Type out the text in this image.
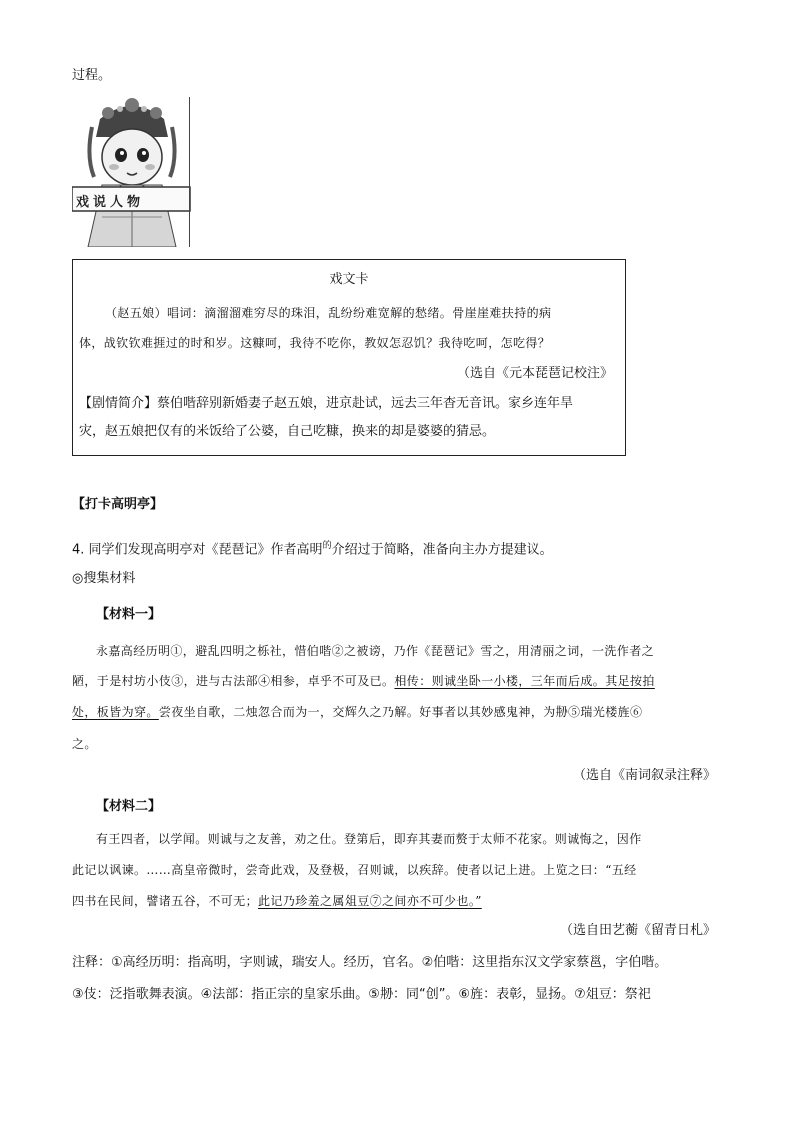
过程。
戏说人物
戏文卡
（赵五娘）唱词：滴溜溜难穷尽的珠泪，乱纷纷难宽解的愁绪。骨崖崖难扶持的病
体，战钦钦难捱过的时和岁。这糠呵，我待不吃你，教奴怎忍饥？我待吃呵，怎吃得？
（选自《元本琵琶记校注》
【剧情简介】蔡伯喈辞别新婚妻子赵五娘，进京赴试，远去三年杳无音讯。家乡连年旱
灾，赵五娘把仅有的米饭给了公婆，自己吃糠，换来的却是婆婆的猜忌。
【打卡高明亭】
4. 同学们发现高明亭对《琵琶记》作者高明$^的$介绍过于简略，准备向主办方提建议。
◎搜集材料
【材料一】
永嘉高经历明①，避乱四明之栎社，惜伯喈②之被谤，乃作《琵琶记》雪之，用清丽之词，一洗作者之
陋，于是村坊小伎③，进与古法部④相参，卓乎不可及已。相传：则诚坐卧一小楼，三年而后成。其足按拍
处，板皆为穿。尝夜坐自歌，二烛忽合而为一，交辉久之乃解。好事者以其妙感鬼神，为刱⑤瑞光楼旌⑥
之。
（选自《南词叙录注释》
【材料二】
有王四者，以学闻。则诚与之友善，劝之仕。登第后，即弃其妻而赘于太师不花家。则诚悔之，因作
此记以讽谏。……高皇帝微时，尝奇此戏，及登极，召则诚，以疾辞。使者以记上进。上览之曰：“五经
四书在民间，譬诸五谷，不可无；此记乃珍羞之属俎豆⑦之间亦不可少也。”
（选自田艺蘅《留青日札》
注释：①高经历明：指高明，字则诚，瑞安人。经历，官名。②伯喈：这里指东汉文学家蔡邕，字伯喈。
③伎：泛指歌舞表演。④法部：指正宗的皇家乐曲。⑤刱：同“创”。⑥旌：表彰，显扬。⑦俎豆：祭祀
